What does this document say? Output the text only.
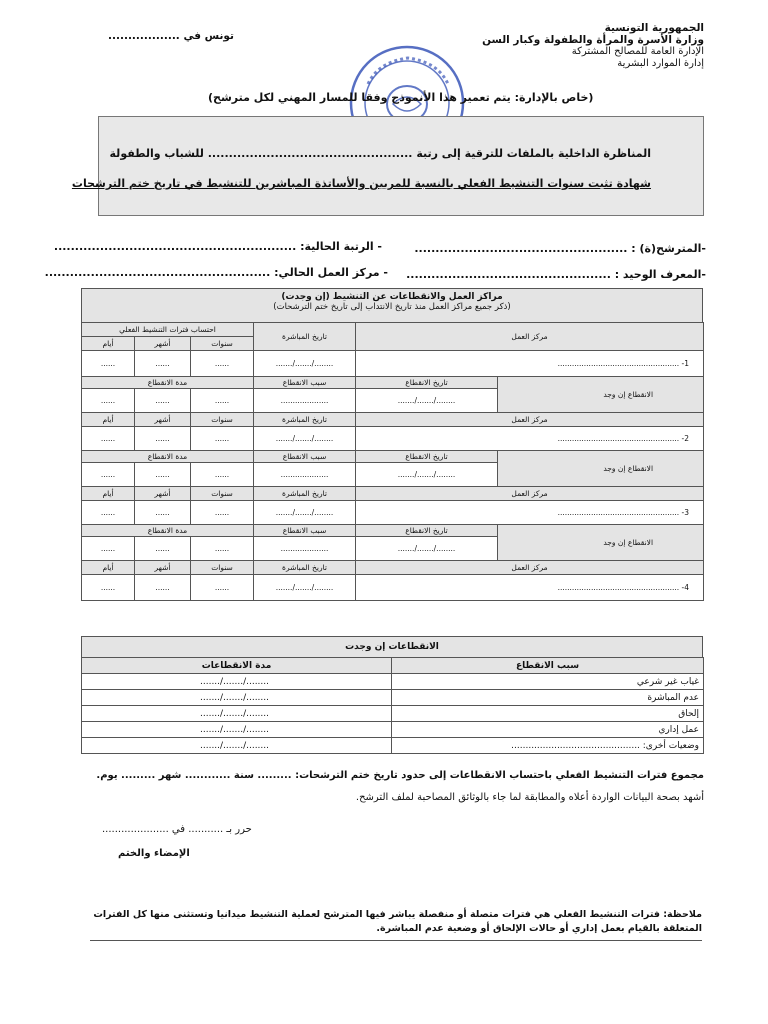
الجمهورية التونسية
وزارة الأسرة والمرأة والطفولة وكبار السن
الإدارة العامة للمصالح المشتركة
إدارة الموارد البشرية
تونس في ..................
(خاص بالإدارة: يتم تعمير هذا الأنموذج وفقا للمسار المهني لكل مترشح)
المناظرة الداخلية بالملفات للترقية إلى رتبة ................................................. للشباب والطفولة
شهادة تثبت سنوات التنشيط الفعلي بالنسبة للمربين والأساتذة المباشرين للتنشيط في تاريخ ختم الترشحات
-المترشح(ة) : ...................................................
- الرتبة الحالية: ..........................................................
-المعرف الوحيد : .................................................
- مركز العمل الحالي: ......................................................
مراكز العمل والانقطاعات عن التنشيط (إن وجدت)
(ذكر جميع مراكز العمل منذ تاريخ الانتداب إلى تاريخ ختم الترشحات)
احتساب فترات التنشيط الفعلي			تاريخ المباشرة	مركز العمل	
أيام	أشهر	سنوات			
......	......	......	......./......./........	................................................... -1	
مدة الانقطاع			سبب الانقطاع	تاريخ الانقطاع	الانقطاع إن وجد
......	......	......	....................	......./......./........	
أيام	أشهر	سنوات	تاريخ المباشرة	مركز العمل	
......	......	......	......./......./........	................................................... -2	
مدة الانقطاع			سبب الانقطاع	تاريخ الانقطاع	الانقطاع إن وجد
......	......	......	....................	......./......./........	
أيام	أشهر	سنوات	تاريخ المباشرة	مركز العمل	
......	......	......	......./......./........	................................................... -3	
مدة الانقطاع			سبب الانقطاع	تاريخ الانقطاع	الانقطاع إن وجد
......	......	......	....................	......./......./........	
أيام	أشهر	سنوات	تاريخ المباشرة	مركز العمل	
......	......	......	......./......./........	................................................... -4	
الانقطاعات إن وجدت
مدة الانقطاعات	سبب الانقطاع
......./......./........	غياب غير شرعي
......./......./........	عدم المباشرة
......./......./........	إلحاق
......./......./........	عمل إداري
......./......./........	وضعيات أخرى: .............................................
مجموع فترات التنشيط الفعلي باحتساب الانقطاعات إلى حدود تاريخ ختم الترشحات: ......... سنة ............ شهر ......... يوم.
أشهد بصحة البيانات الواردة أعلاه والمطابقة لما جاء بالوثائق المصاحبة لملف الترشح.
حرر بـ ........... في .....................
الإمضاء والختم
ملاحظة: فترات التنشيط الفعلي هي فترات متصلة أو منفصلة يباشر فيها المترشح لعملية التنشيط ميدانيا وتستثنى منها كل الفترات المتعلقة بالقيام بعمل إداري أو حالات الإلحاق أو وضعية عدم المباشرة.
